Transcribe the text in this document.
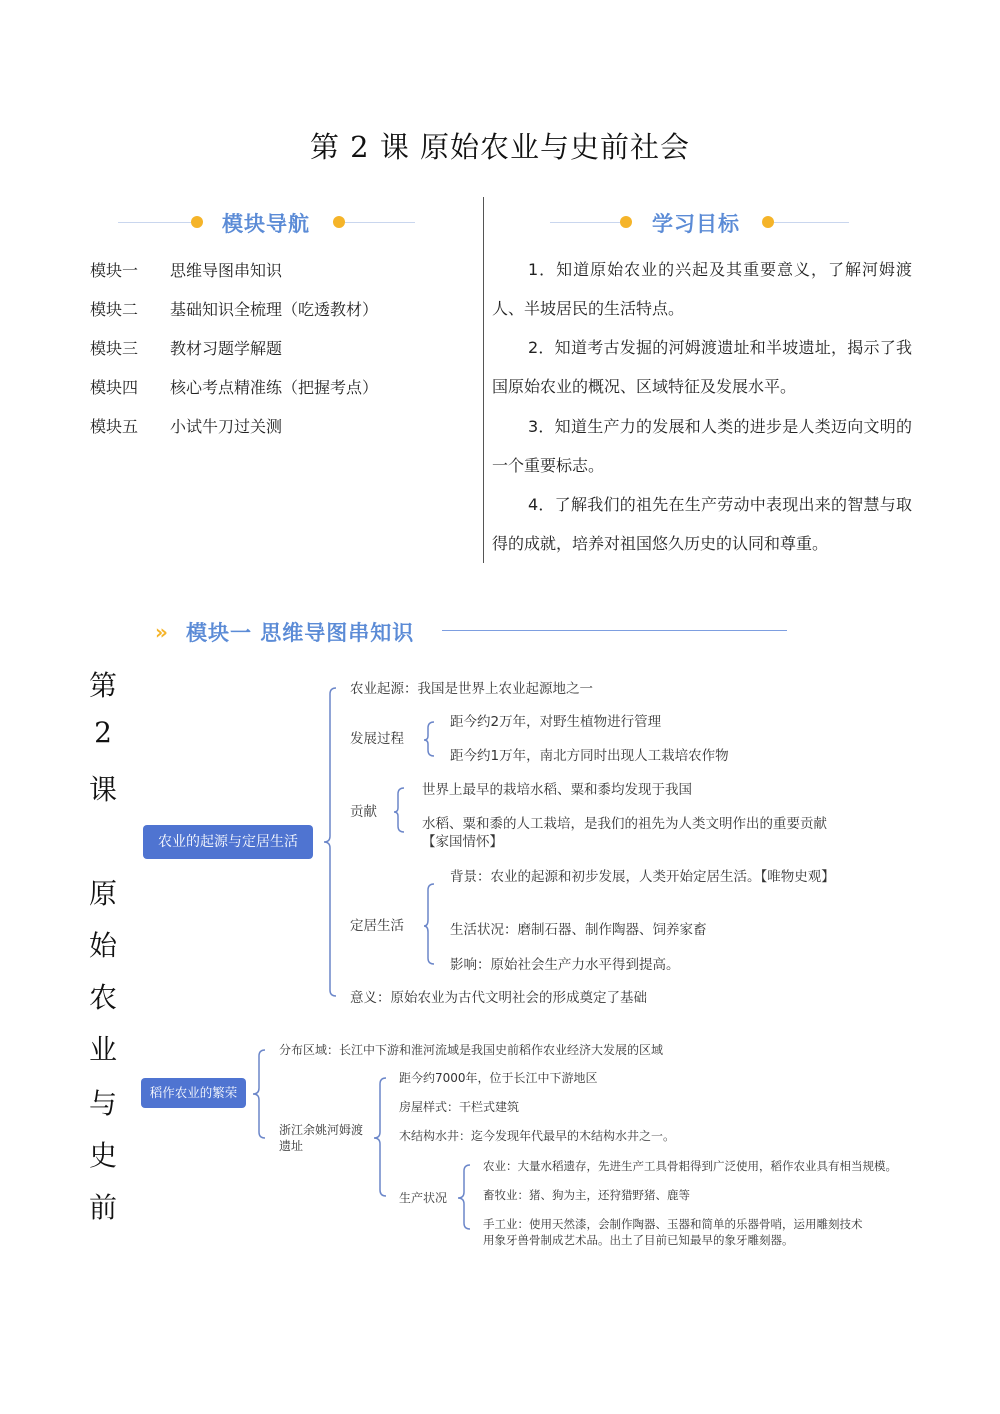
第 2 课 原始农业与史前社会
模块导航
模块一 思维导图串知识
模块二 基础知识全梳理（吃透教材）
模块三 教材习题学解题
模块四 核心考点精准练（把握考点）
模块五 小试牛刀过关测
学习目标
1．知道原始农业的兴起及其重要意义，了解河姆渡人、半坡居民的生活特点。
2．知道考古发掘的河姆渡遗址和半坡遗址，揭示了我国原始农业的概况、区域特征及发展水平。
3．知道生产力的发展和人类的进步是人类迈向文明的一个重要标志。
4．了解我们的祖先在生产劳动中表现出来的智慧与取得的成就，培养对祖国悠久历史的认同和尊重。
» 模块一 思维导图串知识
第
2
课
原
始
农
业
与
史
前
农业的起源与定居生活
农业起源：我国是世界上农业起源地之一
发展过程
距今约2万年，对野生植物进行管理
距今约1万年，南北方同时出现人工栽培农作物
贡献
世界上最早的栽培水稻、粟和黍均发现于我国
水稻、粟和黍的人工栽培，是我们的祖先为人类文明作出的重要贡献【家国情怀】
定居生活
背景：农业的起源和初步发展，人类开始定居生活。【唯物史观】
生活状况：磨制石器、制作陶器、饲养家畜
影响：原始社会生产力水平得到提高。
意义：原始农业为古代文明社会的形成奠定了基础
稻作农业的繁荣
分布区域：长江中下游和淮河流域是我国史前稻作农业经济大发展的区域
浙江余姚河姆渡遗址
距今约7000年，位于长江中下游地区
房屋样式：干栏式建筑
木结构水井：迄今发现年代最早的木结构水井之一。
生产状况
农业：大量水稻遗存，先进生产工具骨耜得到广泛使用，稻作农业具有相当规模。
畜牧业：猪、狗为主，还狩猎野猪、鹿等
手工业：使用天然漆，会制作陶器、玉器和简单的乐器骨哨，运用雕刻技术用象牙兽骨制成艺术品。出土了目前已知最早的象牙雕刻器。
